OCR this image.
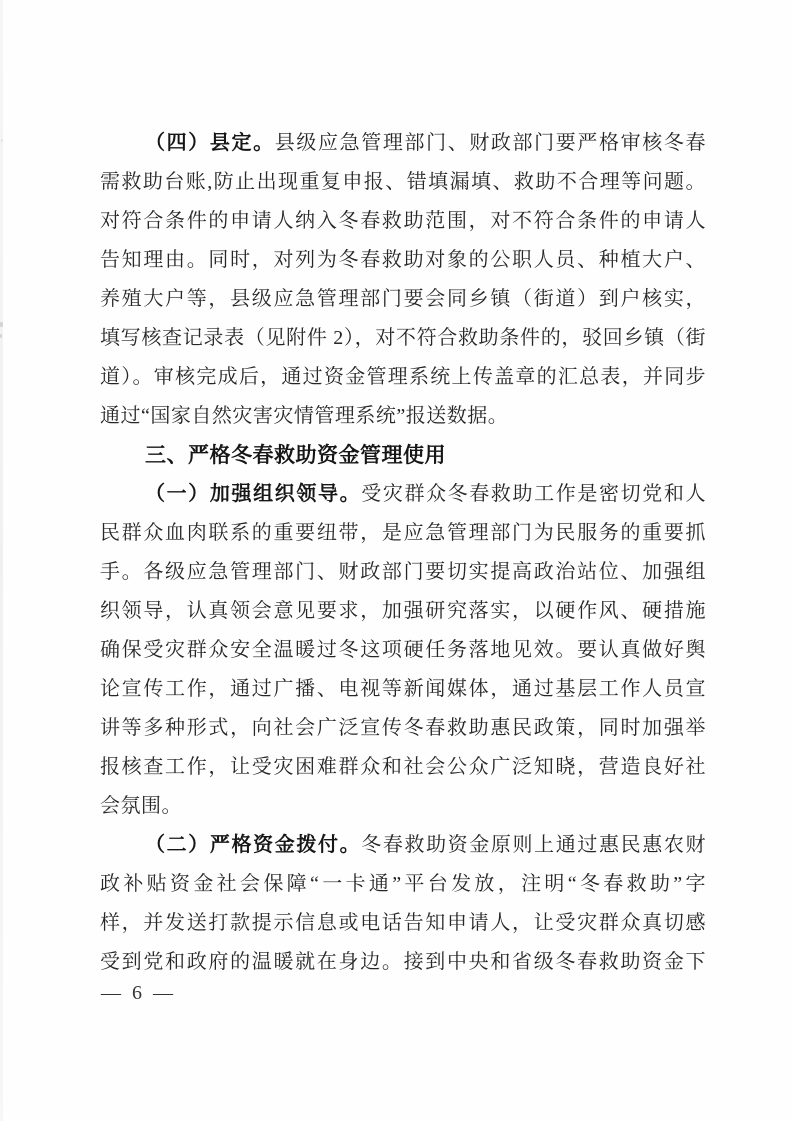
（四）县定。县级应急管理部门、财政部门要严格审核冬春
需救助台账,防止出现重复申报、错填漏填、救助不合理等问题。
对符合条件的申请人纳入冬春救助范围，对不符合条件的申请人
告知理由。同时，对列为冬春救助对象的公职人员、种植大户、
养殖大户等，县级应急管理部门要会同乡镇（街道）到户核实，
填写核查记录表（见附件 2），对不符合救助条件的，驳回乡镇（街
道）。审核完成后，通过资金管理系统上传盖章的汇总表，并同步
通过“国家自然灾害灾情管理系统”报送数据。
三、严格冬春救助资金管理使用
（一）加强组织领导。受灾群众冬春救助工作是密切党和人
民群众血肉联系的重要纽带，是应急管理部门为民服务的重要抓
手。各级应急管理部门、财政部门要切实提高政治站位、加强组
织领导，认真领会意见要求，加强研究落实，以硬作风、硬措施
确保受灾群众安全温暖过冬这项硬任务落地见效。要认真做好舆
论宣传工作，通过广播、电视等新闻媒体，通过基层工作人员宣
讲等多种形式，向社会广泛宣传冬春救助惠民政策，同时加强举
报核查工作，让受灾困难群众和社会公众广泛知晓，营造良好社
会氛围。
（二）严格资金拨付。冬春救助资金原则上通过惠民惠农财
政补贴资金社会保障“一卡通”平台发放，注明“冬春救助”字
样，并发送打款提示信息或电话告知申请人，让受灾群众真切感
受到党和政府的温暖就在身边。接到中央和省级冬春救助资金下
— 6 —
